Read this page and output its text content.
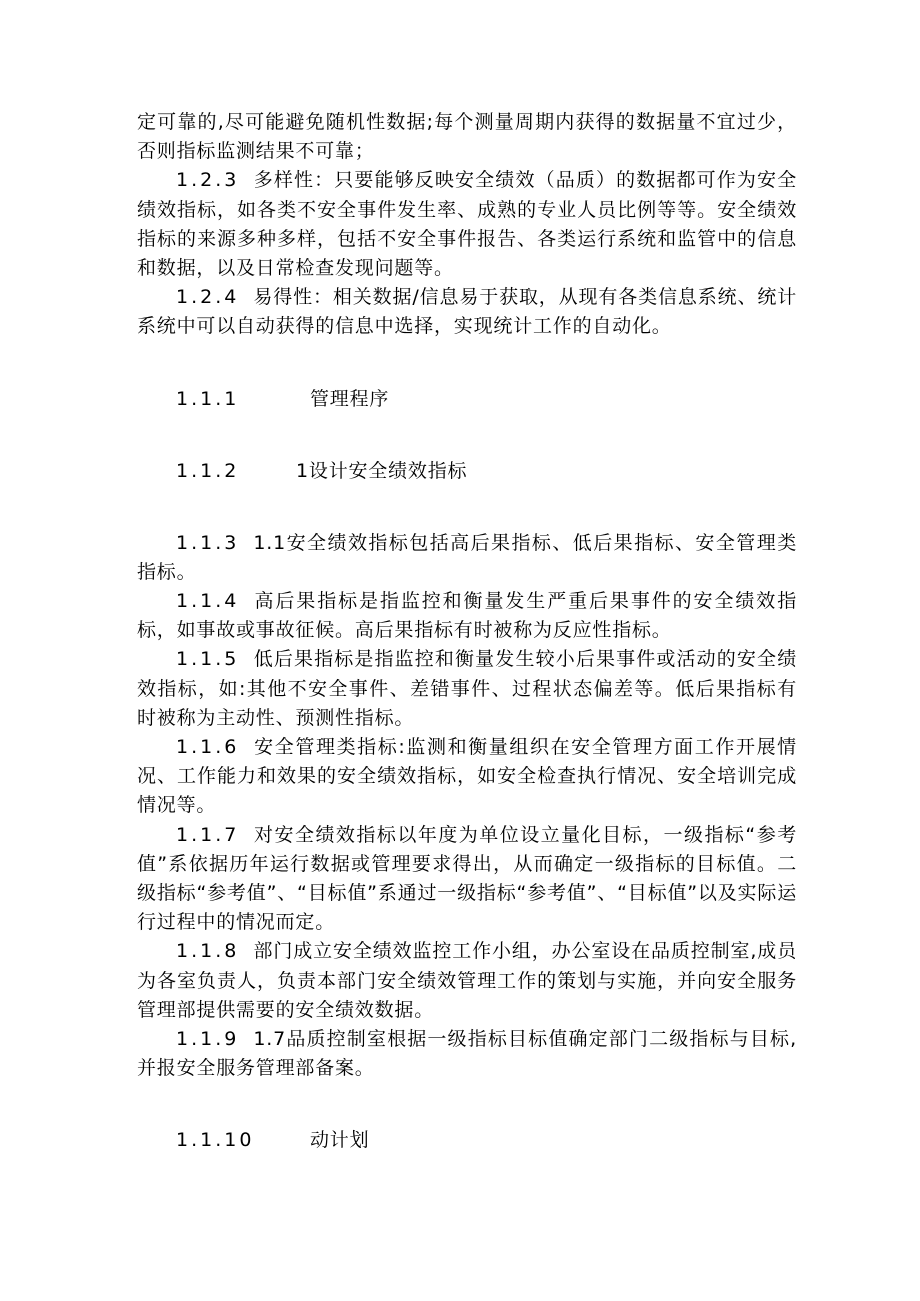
定可靠的,尽可能避免随机性数据;每个测量周期内获得的数据量不宜过少，否则指标监测结果不可靠；

1.2.3 多样性：只要能够反映安全绩效（品质）的数据都可作为安全绩效指标，如各类不安全事件发生率、成熟的专业人员比例等等。安全绩效指标的来源多种多样，包括不安全事件报告、各类运行系统和监管中的信息和数据，以及日常检查发现问题等。

1.2.4 易得性：相关数据/信息易于获取，从现有各类信息系统、统计系统中可以自动获得的信息中选择，实现统计工作的自动化。

1.1.1	管理程序
1.1.2	1设计安全绩效指标

1.1.3 1.1安全绩效指标包括高后果指标、低后果指标、安全管理类指标。

1.1.4 高后果指标是指监控和衡量发生严重后果事件的安全绩效指标，如事故或事故征候。高后果指标有时被称为反应性指标。

1.1.5 低后果指标是指监控和衡量发生较小后果事件或活动的安全绩效指标，如:其他不安全事件、差错事件、过程状态偏差等。低后果指标有时被称为主动性、预测性指标。

1.1.6 安全管理类指标:监测和衡量组织在安全管理方面工作开展情况、工作能力和效果的安全绩效指标，如安全检查执行情况、安全培训完成情况等。

1.1.7 对安全绩效指标以年度为单位设立量化目标，一级指标“参考值”系依据历年运行数据或管理要求得出，从而确定一级指标的目标值。二级指标“参考值”、“目标值”系通过一级指标“参考值”、“目标值”以及实际运行过程中的情况而定。

1.1.8 部门成立安全绩效监控工作小组，办公室设在品质控制室,成员为各室负责人，负责本部门安全绩效管理工作的策划与实施，并向安全服务管理部提供需要的安全绩效数据。

1.1.9 1.7品质控制室根据一级指标目标值确定部门二级指标与目标,并报安全服务管理部备案。

1.1.10	动计划
